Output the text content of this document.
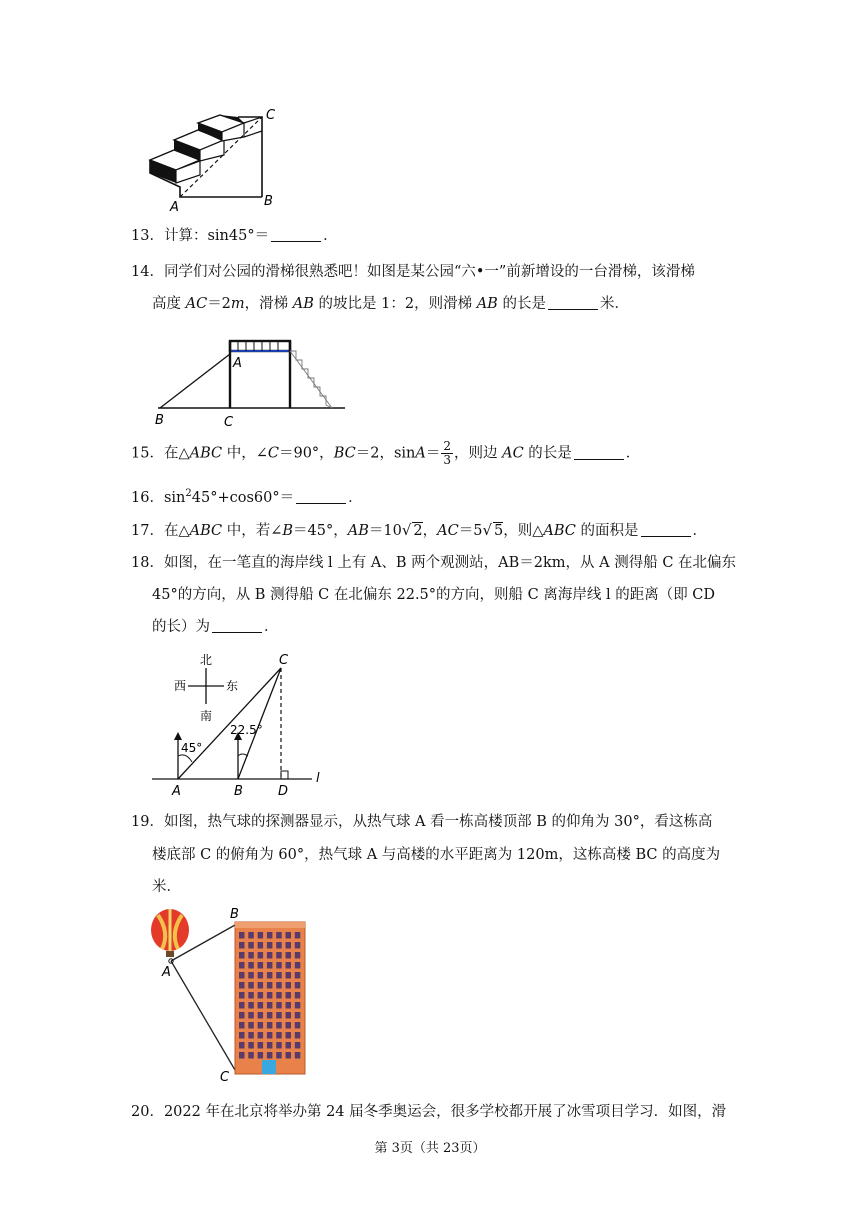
C
B
A
13．计算：sin45°＝	．
14．同学们对公园的滑梯很熟悉吧！如图是某公园“六•一”前新增设的一台滑梯，该滑梯
高度 AC＝2m，滑梯 AB 的坡比是 1：2，则滑梯 AB 的长是	米．
A
B	C
15．在△ABC 中，∠C＝90°，BC＝2，$\sin A= \frac{2}{3}$ ，则边 AC 的长是	．
16．$\sin^245^\circ+\cos 60^\circ=$	．
17．在△ABC 中，若∠B＝45°，AB＝10√ 2，AC＝5√ 5，则△ABC 的面积是	．
18．如图，在一笔直的海岸线 l 上有 A、B 两个观测站，AB＝2km，从 A 测得船 C 在北偏东
45°的方向，从 B 测得船 C 在北偏东 22.5°的方向，则船 C 离海岸线 l 的距离（即 CD
的长）为	．
北
南
西	东
l
45°
22.5°
C
A	B	D
19．如图，热气球的探测器显示，从热气球 A 看一栋高楼顶部 B 的仰角为 30°，看这栋高
楼底部 C 的俯角为 60°，热气球 A 与高楼的水平距离为 120m，这栋高楼 BC 的高度为
米．
A
B
C
20．2022 年在北京将举办第 24 届冬季奥运会，很多学校都开展了冰雪项目学习．如图，滑
第 3页（共 23页）
